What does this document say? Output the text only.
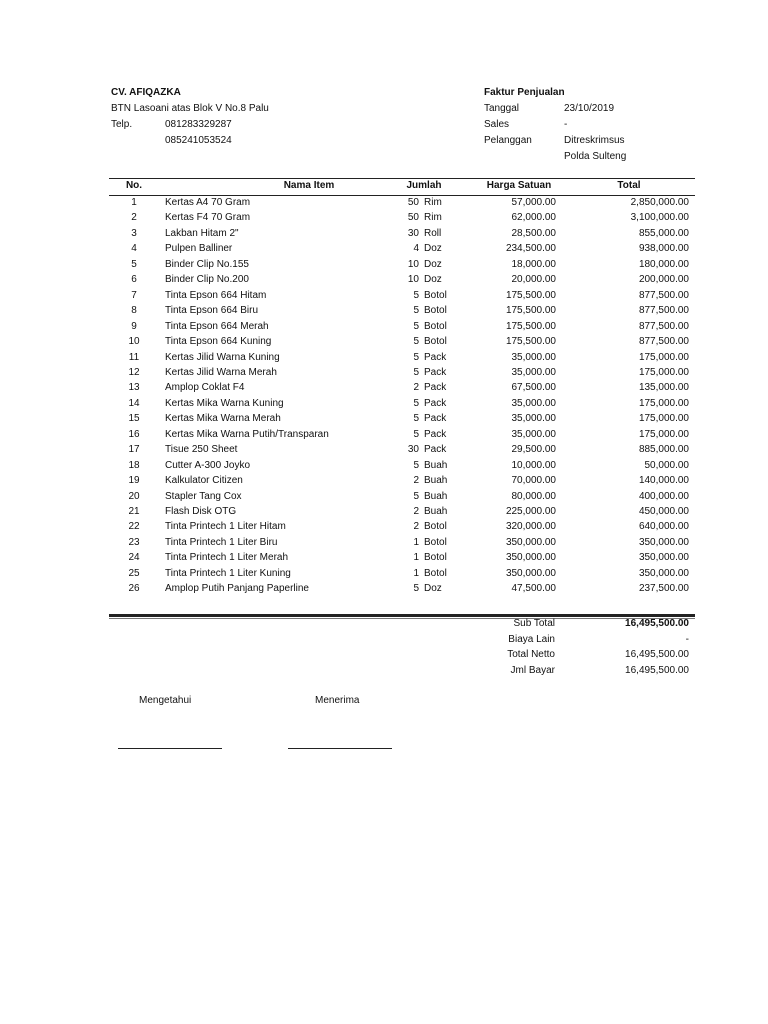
CV. AFIQAZKA
BTN Lasoani atas Blok V No.8 Palu
Telp.	081283329287
085241053524
Faktur Penjualan
Tanggal	23/10/2019
Sales	-
Pelanggan	Ditreskrimsus
Polda Sulteng
No.	Nama Item	Jumlah	Harga Satuan	Total
1	Kertas A4 70 Gram	50 Rim	57,000.00	2,850,000.00
2	Kertas F4 70 Gram	50 Rim	62,000.00	3,100,000.00
3	Lakban Hitam 2"	30 Roll	28,500.00	855,000.00
4	Pulpen Balliner	4 Doz	234,500.00	938,000.00
5	Binder Clip No.155	10 Doz	18,000.00	180,000.00
6	Binder Clip No.200	10 Doz	20,000.00	200,000.00
7	Tinta Epson 664 Hitam	5 Botol	175,500.00	877,500.00
8	Tinta Epson 664 Biru	5 Botol	175,500.00	877,500.00
9	Tinta Epson 664 Merah	5 Botol	175,500.00	877,500.00
10	Tinta Epson 664 Kuning	5 Botol	175,500.00	877,500.00
11	Kertas Jilid Warna Kuning	5 Pack	35,000.00	175,000.00
12	Kertas Jilid Warna Merah	5 Pack	35,000.00	175,000.00
13	Amplop Coklat F4	2 Pack	67,500.00	135,000.00
14	Kertas Mika Warna Kuning	5 Pack	35,000.00	175,000.00
15	Kertas Mika Warna Merah	5 Pack	35,000.00	175,000.00
16	Kertas Mika Warna Putih/Transparan	5 Pack	35,000.00	175,000.00
17	Tisue 250 Sheet	30 Pack	29,500.00	885,000.00
18	Cutter A-300 Joyko	5 Buah	10,000.00	50,000.00
19	Kalkulator Citizen	2 Buah	70,000.00	140,000.00
20	Stapler Tang Cox	5 Buah	80,000.00	400,000.00
21	Flash Disk OTG	2 Buah	225,000.00	450,000.00
22	Tinta Printech 1 Liter Hitam	2 Botol	320,000.00	640,000.00
23	Tinta Printech 1 Liter Biru	1 Botol	350,000.00	350,000.00
24	Tinta Printech 1 Liter Merah	1 Botol	350,000.00	350,000.00
25	Tinta Printech 1 Liter Kuning	1 Botol	350,000.00	350,000.00
26	Amplop Putih Panjang Paperline	5 Doz	47,500.00	237,500.00
Sub Total	16,495,500.00
Biaya Lain	-
Total Netto	16,495,500.00
Jml Bayar	16,495,500.00
Mengetahui	Menerima
